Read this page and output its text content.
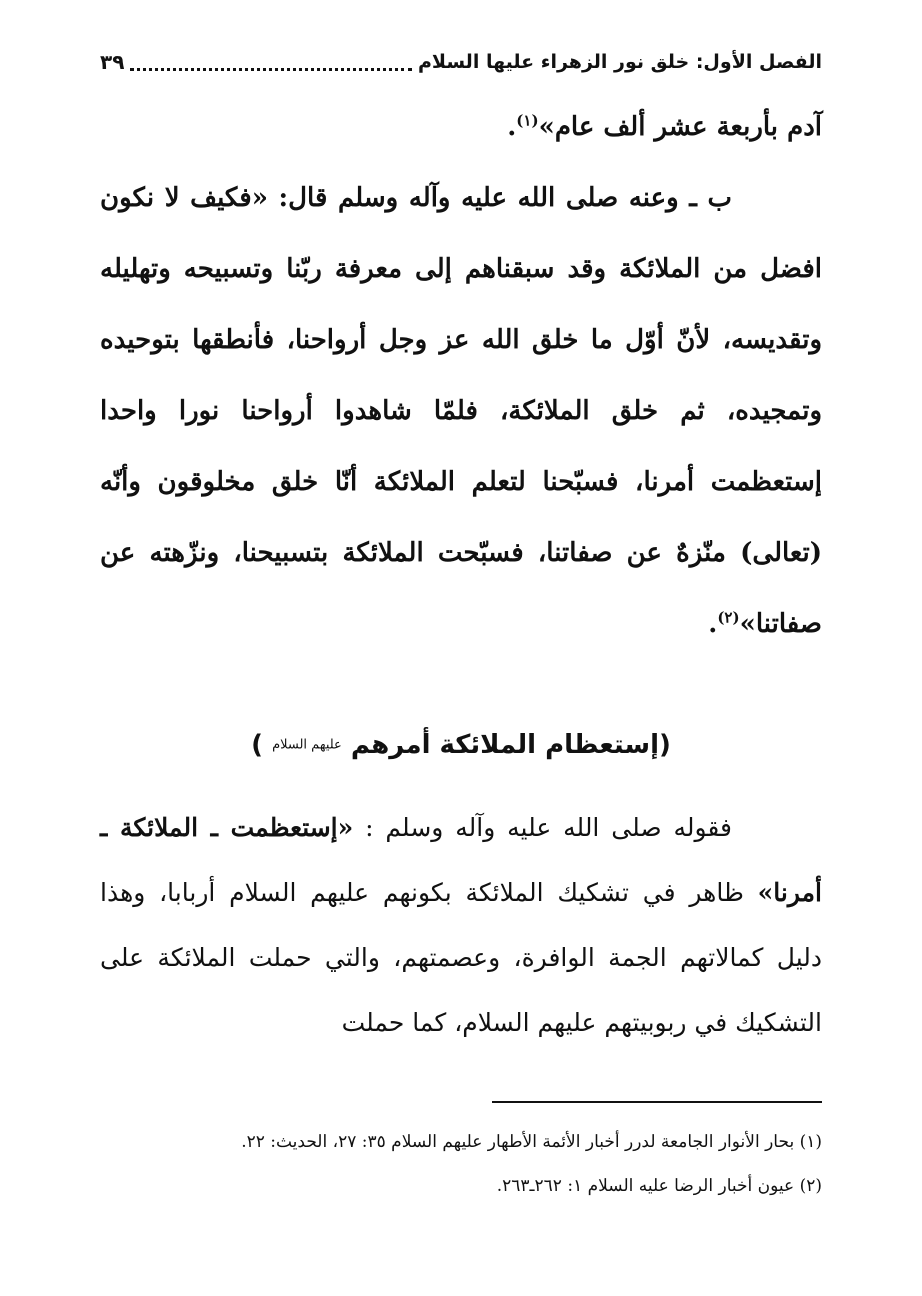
الفصل الأول: خلق نور الزهراء عليها السلام
٣٩

آدم بأربعة عشر ألف عام»$^{(١)}$.

ب ـ وعنه صلى الله عليه وآله وسلم قال: «فكيف لا نكون افضل من الملائكة وقد سبقناهم إلى معرفة ربّنا وتسبيحه وتهليله وتقديسه، لأنّ أوّل ما خلق الله عز وجل أرواحنا، فأنطقها بتوحيده وتمجيده، ثم خلق الملائكة، فلمّا شاهدوا أرواحنا نورا واحدا إستعظمت أمرنا، فسبّحنا لتعلم الملائكة أنّا خلق مخلوقون وأنّه (تعالى) منّزهٌ عن صفاتنا، فسبّحت الملائكة بتسبيحنا، ونزّهته عن صفاتنا»$^{(٢)}$.

(إستعظام الملائكة أمرهم عليهم السلام )

فقوله صلى الله عليه وآله وسلم : «إستعظمت ـ الملائكة ـ أمرنا» ظاهر في تشكيك الملائكة بكونهم عليهم السلام أربابا، وهذا دليل كمالاتهم الجمة الوافرة، وعصمتهم، والتي حملت الملائكة على التشكيك في ربوبيتهم عليهم السلام، كما حملت

(١) بحار الأنوار الجامعة لدرر أخبار الأئمة الأطهار عليهم السلام ٣٥: ٢٧، الحديث: ٢٢.

(٢) عيون أخبار الرضا عليه السلام ١: ٢٦٢ـ٢٦٣.
